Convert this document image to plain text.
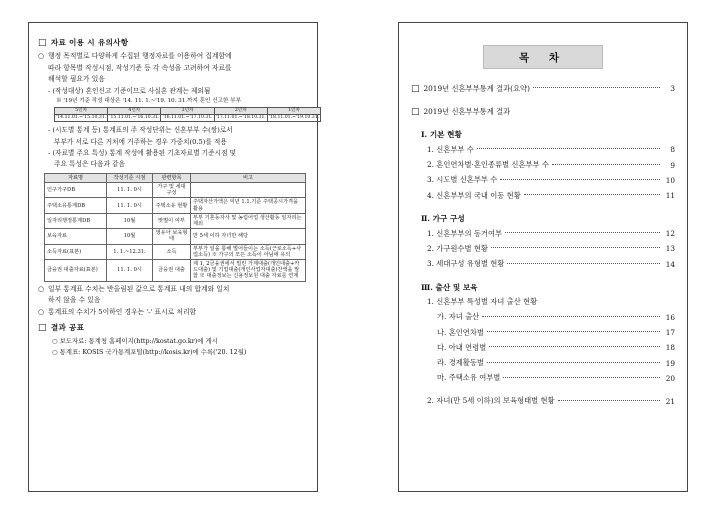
□ 자료 이용 시 유의사항
○ 행정 목적별로 다양하게 수집된 행정자료를 이용하여 집계함에
따라 항목별 작성시점, 작성기준 등 각 속성을 고려하여 자료를
해석할 필요가 있음
- (작성대상) 혼인신고 기준이므로 사실혼 관계는 제외됨
※ '19년 기준 작성 대상은 '14. 11. 1.~'19. 10. 31.까지 혼인 신고한 부부
5년차	4년차	3년차	2년차	1년차
'14.11.01.~'15.10.31.	'15.11.01.~'16.10.31.	'16.11.01.~'17.10.31.	'17.11.01.~'18.10.31.	'18.11.01.~'19.10.31.
- (시도별 통계 등) 통계표의 주 작성단위는 신혼부부 수(쌍)로서
부부가 서로 다른 거처에 거주하는 경우 가중치(0.5)를 적용
- (자료별 주요 특성) 통계 작성에 활용된 기초자료별 기준시점 및
주요 특성은 다음과 같음
자료명	작성기준 시점	관련항목	비고
인구가구DB	11. 1. 0시	가구 및 세대구성	
주택소유통계DB	11. 1. 0시	주택소유 현황	주택자산가액은 익년 1.1.기준 주택공시가격을 활용
일자리행정통계DB	10월	맞벌이 여부	부부 기혼동자사 및 농림어업 생산활동 일자리는 제외
보육자료	10월	영유아 보육형태	만 5세 이하 자녀만 해당
소득자료(표본)	1. 1.~12.31.	소득	부부가 일을 통해 벌어들이는 소득(근로소득+사업소득) ※ 가구의 모든 소득이 아님에 유의
금융권 대출자료(표본)	11. 1. 0시	금융권 대출	제 1, 2금융권에서 빌린 가계대출(개인대출+카드대출) 및 기업대출(개인사업자대출)잔액을 말함 ※ 대출정보는 신용정보원 대출 자료를 연계
○ 일부 통계표 수치는 반올림된 값으로 통계표 내의 합계와 일치
하지 않을 수 있음
○ 통계표의 수치가 5이하인 경우는 '-' 표시로 처리함
□ 결과 공표
○ 보도자료: 통계청 홈페이지(http://kostat.go.kr)에 게시
○ 통계표: KOSIS 국가통계포털(http://kosis.kr)에 수록('20. 12월)
목 차
□ 2019년 신혼부부통계 결과(요약)	3
□ 2019년 신혼부부통계 결과
Ⅰ. 기본 현황
1. 신혼부부 수	8
2. 혼인연차별·혼인종류별 신혼부부 수	9
3. 시도별 신혼부부 수	10
4. 신혼부부의 국내 이동 현황	11
Ⅱ. 가구 구성
1. 신혼부부의 동거여부	12
2. 가구원수별 현황	13
3. 세대구성 유형별 현황	14
Ⅲ. 출산 및 보육
1. 신혼부부 특성별 자녀 출산 현황
가. 자녀 출산	16
나. 혼인연차별	17
다. 아내 연령별	18
라. 경제활동별	19
마. 주택소유 여부별	20
2. 자녀(만 5세 이하)의 보육형태별 현황	21
